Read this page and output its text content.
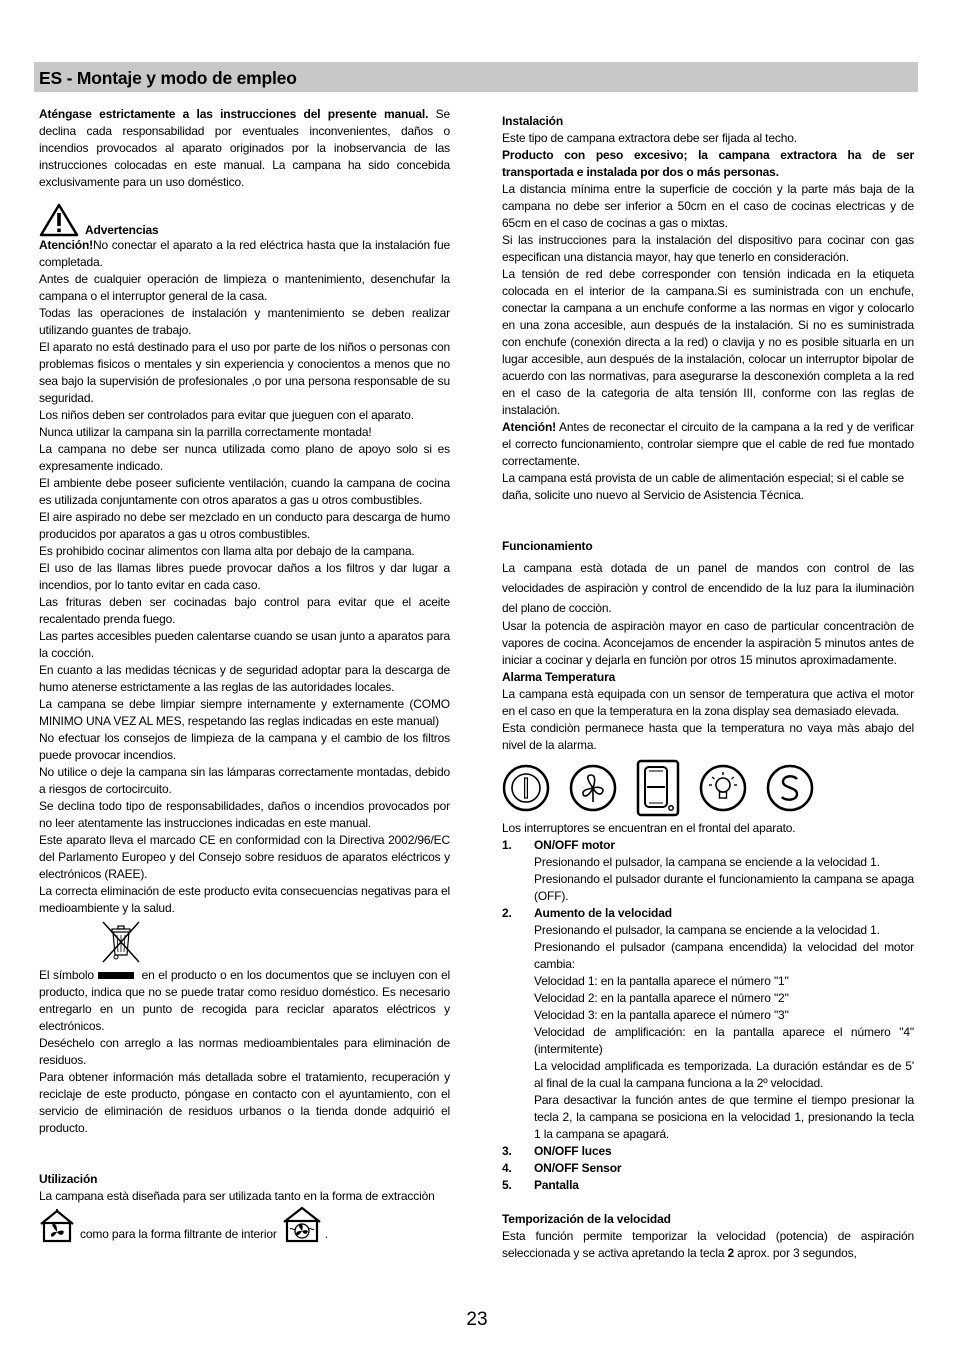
ES - Montaje y modo de empleo

Aténgase estrictamente a las instrucciones del presente manual. Se declina cada responsabilidad por eventuales inconvenientes, daños o incendios provocados al aparato originados por la inobservancia de las instrucciones colocadas en este manual. La campana ha sido concebida exclusivamente para un uso doméstico.

Advertencias

Atención!No conectar el aparato a la red eléctrica hasta que la instalación fue completada.

Antes de cualquier operación de limpieza o mantenimiento, desenchufar la campana o el interruptor general de la casa.

Todas las operaciones de instalación y mantenimiento se deben realizar utilizando guantes de trabajo.

El aparato no está destinado para el uso por parte de los niños o personas con problemas fisicos o mentales y sin experiencia y conocientos a menos que no sea bajo la supervisión de profesionales ,o por una persona responsable de su seguridad.

Los niños deben ser controlados para evitar que jueguen con el aparato.

Nunca utilizar la campana sin la parrilla correctamente montada!

La campana no debe ser nunca utilizada como plano de apoyo solo si es expresamente indicado.

El ambiente debe poseer suficiente ventilación, cuando la campana de cocina es utilizada conjuntamente con otros aparatos a gas u otros combustibles.

El aire aspirado no debe ser mezclado en un conducto para descarga de humo producidos por aparatos a gas u otros combustibles.

Es prohibido cocinar alimentos con llama alta por debajo de la campana.

El uso de las llamas libres puede provocar daños a los filtros y dar lugar a incendios, por lo tanto evitar en cada caso.

Las frituras deben ser cocinadas bajo control para evitar que el aceite recalentado prenda fuego.

Las partes accesibles pueden calentarse cuando se usan junto a aparatos para la cocción.

En cuanto a las medidas técnicas y de seguridad adoptar para la descarga de humo atenerse estrictamente a las reglas de las autoridades locales.

La campana se debe limpiar siempre internamente y externamente (COMO MINIMO UNA VEZ AL MES, respetando las reglas indicadas en este manual)

No efectuar los consejos de limpieza de la campana y el cambio de los filtros puede provocar incendios.

No utilice o deje la campana sin las lámparas correctamente montadas, debido a riesgos de cortocircuito.

Se declina todo tipo de responsabilidades, daños o incendios provocados por no leer atentamente las instrucciones indicadas en este manual.

Este aparato lleva el marcado CE en conformidad con la Directiva 2002/96/EC del Parlamento Europeo y del Consejo sobre residuos de aparatos eléctricos y electrónicos (RAEE).

La correcta eliminación de este producto evita consecuencias negativas para el medioambiente y la salud.

El símbolo	en el producto o en los documentos que se incluyen con el producto, indica que no se puede tratar como residuo doméstico. Es necesario entregarlo en un punto de recogida para reciclar aparatos eléctricos y electrónicos.

Deséchelo con arreglo a las normas medioambientales para eliminación de residuos.

Para obtener información más detallada sobre el tratamiento, recuperación y reciclaje de este producto, póngase en contacto con el ayuntamiento, con el servicio de eliminación de residuos urbanos o la tienda donde adquirió el producto.

Utilización

La campana està diseñada para ser utilizada tanto en la forma de extracciòn

como para la forma filtrante de interior	.

Instalación

Este tipo de campana extractora debe ser fijada al techo.

Producto con peso excesivo; la campana extractora ha de ser transportada e instalada por dos o más personas.

La distancia mínima entre la superficie de cocción y la parte más baja de la campana no debe ser inferior a 50cm en el caso de cocinas electricas y de 65cm en el caso de cocinas a gas o mixtas.

Si las instrucciones para la instalación del dispositivo para cocinar con gas especifican una distancia mayor, hay que tenerlo en consideración.

La tensión de red debe corresponder con tensión indicada en la etiqueta colocada en el interior de la campana.Si es suministrada con un enchufe, conectar la campana a un enchufe conforme a las normas en vigor y colocarlo en una zona accesible, aun después de la instalación. Si no es suministrada con enchufe (conexión directa a la red) o clavija y no es posible situarla en un lugar accesible, aun después de la instalación, colocar un interruptor bipolar de acuerdo con las normativas, para asegurarse la desconexión completa a la red en el caso de la categoria de alta tensión III, conforme con las reglas de instalación.

Atención! Antes de reconectar el circuito de la campana a la red y de verificar el correcto funcionamiento, controlar siempre que el cable de red fue montado correctamente.

La campana está provista de un cable de alimentación especial; si el cable se daña, solicite uno nuevo al Servicio de Asistencia Técnica.

Funcionamiento

La campana està dotada de un panel de mandos con control de las velocidades de aspiraciòn y control de encendido de la luz para la iluminaciòn del plano de cocciòn.

Usar la potencia de aspiraciòn mayor en caso de particular concentraciòn de vapores de cocina. Aconcejamos de encender la aspiraciòn 5 minutos antes de iniciar a cocinar y dejarla en funciòn por otros 15 minutos aproximadamente.

Alarma Temperatura

La campana està equipada con un sensor de temperatura que activa el motor en el caso en que la temperatura en la zona display sea demasiado elevada.

Esta condiciòn permanece hasta que la temperatura no vaya màs abajo del nivel de la alarma.

Los interruptores se encuentran en el frontal del aparato.

1. ON/OFF motor

Presionando el pulsador, la campana se enciende a la velocidad 1.

Presionando el pulsador durante el funcionamiento la campana se apaga (OFF).

2. Aumento de la velocidad

Presionando el pulsador, la campana se enciende a la velocidad 1.

Presionando el pulsador (campana encendida) la velocidad del motor cambia:

Velocidad 1: en la pantalla aparece el número "1"

Velocidad 2: en la pantalla aparece el número "2"

Velocidad 3: en la pantalla aparece el número "3"

Velocidad de amplificación: en la pantalla aparece el número "4" (intermitente)

La velocidad amplificada es temporizada. La duración estándar es de 5' al final de la cual la campana funciona a la 2º velocidad.

Para desactivar la función antes de que termine el tiempo presionar la tecla 2, la campana se posiciona en la velocidad 1, presionando la tecla 1 la campana se apagará.

3. ON/OFF luces
4. ON/OFF Sensor
5. Pantalla

Temporización de la velocidad

Esta función permite temporizar la velocidad (potencia) de aspiración seleccionada y se activa apretando la tecla 2 aprox. por 3 segundos,

23
